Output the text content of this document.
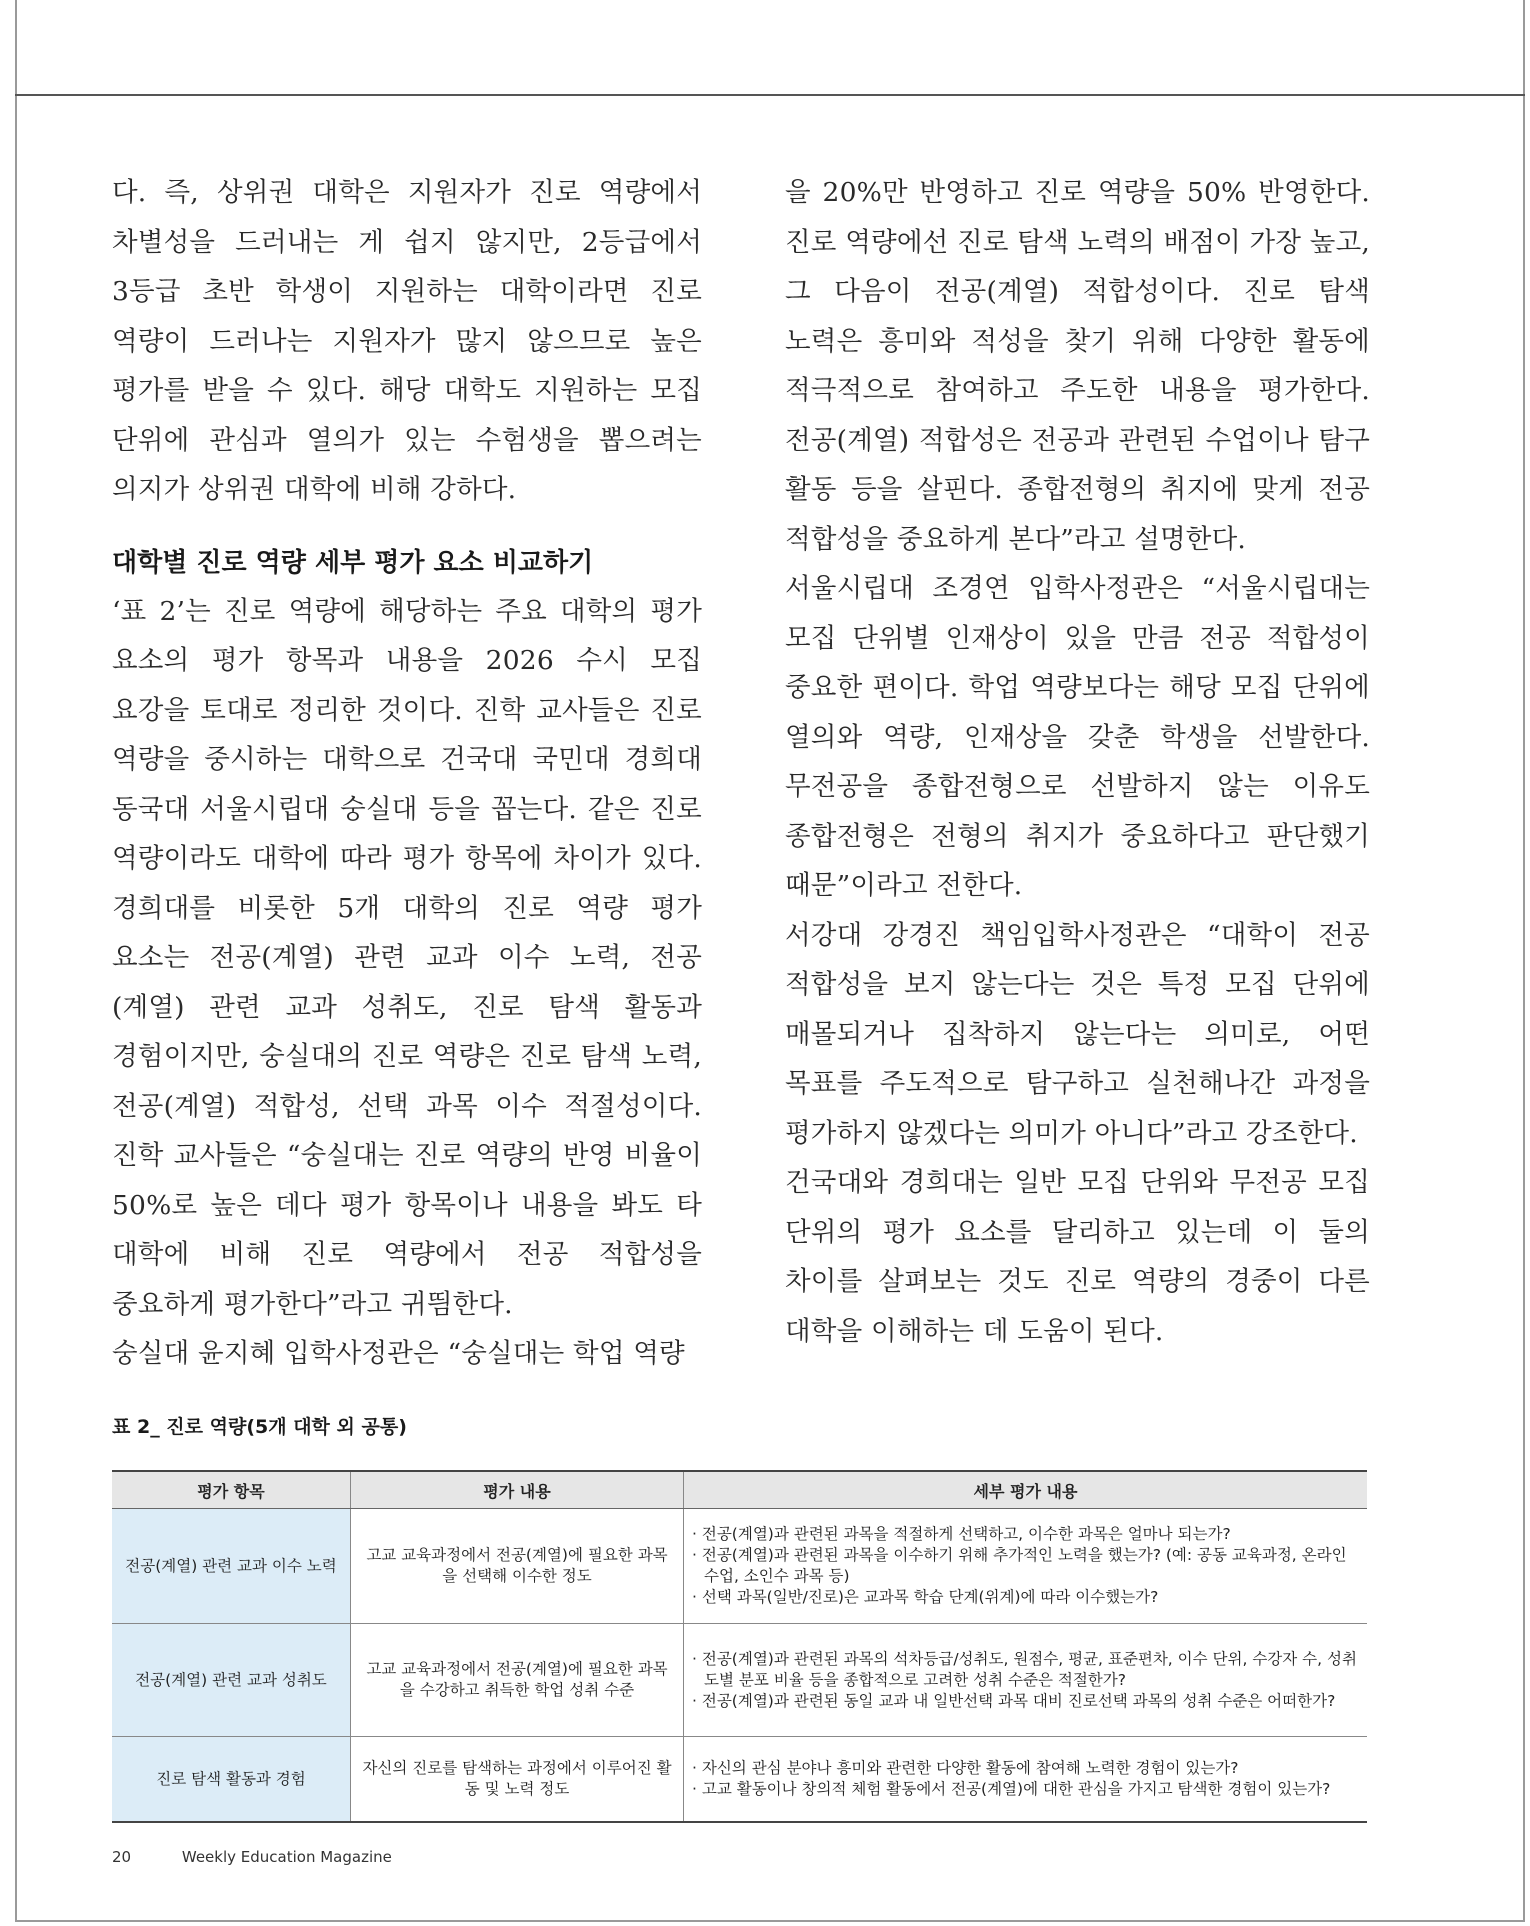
다. 즉, 상위권 대학은 지원자가 진로 역량에서 차별성을 드러내는 게 쉽지 않지만, 2등급에서 3등급 초반 학생이 지원하는 대학이라면 진로 역량이 드러나는 지원자가 많지 않으므로 높은 평가를 받을 수 있다. 해당 대학도 지원하는 모집 단위에 관심과 열의가 있는 수험생을 뽑으려는 의지가 상위권 대학에 비해 강하다.

대학별 진로 역량 세부 평가 요소 비교하기

‘표 2’는 진로 역량에 해당하는 주요 대학의 평가 요소의 평가 항목과 내용을 2026 수시 모집 요강을 토대로 정리한 것이다. 진학 교사들은 진로 역량을 중시하는 대학으로 건국대 국민대 경희대 동국대 서울시립대 숭실대 등을 꼽는다. 같은 진로 역량이라도 대학에 따라 평가 항목에 차이가 있다. 경희대를 비롯한 5개 대학의 진로 역량 평가 요소는 전공(계열) 관련 교과 이수 노력, 전공(계열) 관련 교과 성취도, 진로 탐색 활동과 경험이지만, 숭실대의 진로 역량은 진로 탐색 노력, 전공(계열) 적합성, 선택 과목 이수 적절성이다. 진학 교사들은 “숭실대는 진로 역량의 반영 비율이 50%로 높은 데다 평가 항목이나 내용을 봐도 타 대학에 비해 진로 역량에서 전공 적합성을 중요하게 평가한다”라고 귀띔한다.

숭실대 윤지혜 입학사정관은 “숭실대는 학업 역량

을 20%만 반영하고 진로 역량을 50% 반영한다. 진로 역량에선 진로 탐색 노력의 배점이 가장 높고, 그 다음이 전공(계열) 적합성이다. 진로 탐색 노력은 흥미와 적성을 찾기 위해 다양한 활동에 적극적으로 참여하고 주도한 내용을 평가한다. 전공(계열) 적합성은 전공과 관련된 수업이나 탐구 활동 등을 살핀다. 종합전형의 취지에 맞게 전공 적합성을 중요하게 본다”라고 설명한다.

서울시립대 조경연 입학사정관은 “서울시립대는 모집 단위별 인재상이 있을 만큼 전공 적합성이 중요한 편이다. 학업 역량보다는 해당 모집 단위에 열의와 역량, 인재상을 갖춘 학생을 선발한다. 무전공을 종합전형으로 선발하지 않는 이유도 종합전형은 전형의 취지가 중요하다고 판단했기 때문”이라고 전한다.

서강대 강경진 책임입학사정관은 “대학이 전공 적합성을 보지 않는다는 것은 특정 모집 단위에 매몰되거나 집착하지 않는다는 의미로, 어떤 목표를 주도적으로 탐구하고 실천해나간 과정을 평가하지 않겠다는 의미가 아니다”라고 강조한다.

건국대와 경희대는 일반 모집 단위와 무전공 모집 단위의 평가 요소를 달리하고 있는데 이 둘의 차이를 살펴보는 것도 진로 역량의 경중이 다른 대학을 이해하는 데 도움이 된다.

표 2_ 진로 역량(5개 대학 외 공통)
평가 항목	평가 내용	세부 평가 내용
전공(계열) 관련 교과 이수 노력	고교 교육과정에서 전공(계열)에 필요한 과목을 선택해 이수한 정도	· 전공(계열)과 관련된 과목을 적절하게 선택하고, 이수한 과목은 얼마나 되는가?
· 전공(계열)과 관련된 과목을 이수하기 위해 추가적인 노력을 했는가? (예: 공동 교육과정, 온라인 수업, 소인수 과목 등)
· 선택 과목(일반/진로)은 교과목 학습 단계(위계)에 따라 이수했는가?

전공(계열) 관련 교과 성취도	고교 교육과정에서 전공(계열)에 필요한 과목을 수강하고 취득한 학업 성취 수준	· 전공(계열)과 관련된 과목의 석차등급/성취도, 원점수, 평균, 표준편차, 이수 단위, 수강자 수, 성취도별 분포 비율 등을 종합적으로 고려한 성취 수준은 적절한가?
· 전공(계열)과 관련된 동일 교과 내 일반선택 과목 대비 진로선택 과목의 성취 수준은 어떠한가?

진로 탐색 활동과 경험	자신의 진로를 탐색하는 과정에서 이루어진 활동 및 노력 정도	· 자신의 관심 분야나 흥미와 관련한 다양한 활동에 참여해 노력한 경험이 있는가?
· 고교 활동이나 창의적 체험 활동에서 전공(계열)에 대한 관심을 가지고 탐색한 경험이 있는가?
20	Weekly Education Magazine
